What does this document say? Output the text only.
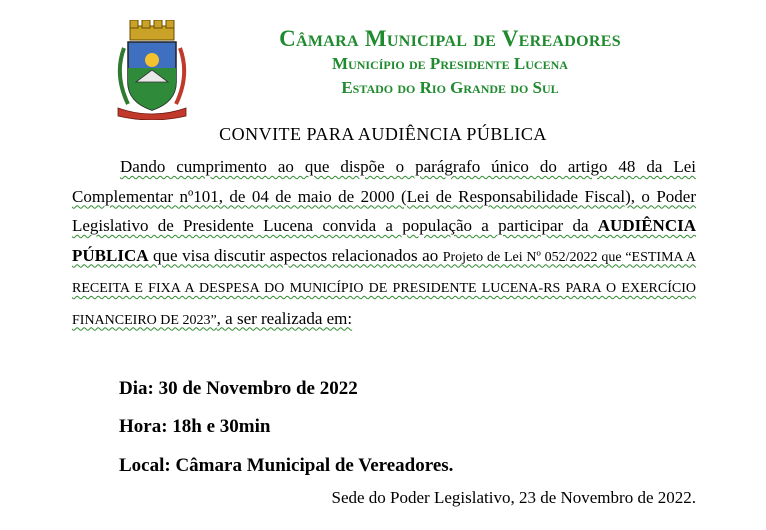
Câmara Municipal de Vereadores
Município de Presidente Lucena
Estado do Rio Grande do Sul
CONVITE PARA AUDIÊNCIA PÚBLICA

Dando cumprimento ao que dispõe o parágrafo único do artigo 48 da Lei Complementar nº101, de 04 de maio de 2000 (Lei de Responsabilidade Fiscal), o Poder Legislativo de Presidente Lucena convida a população a participar da AUDIÊNCIA PÚBLICA que visa discutir aspectos relacionados ao Projeto de Lei Nº 052/2022 que “ESTIMA A RECEITA E FIXA A DESPESA DO MUNICÍPIO DE PRESIDENTE LUCENA-RS PARA O EXERCÍCIO FINANCEIRO DE 2023”, a ser realizada em:

Dia: 30 de Novembro de 2022
Hora: 18h e 30min
Local: Câmara Municipal de Vereadores.
Sede do Poder Legislativo, 23 de Novembro de 2022.
